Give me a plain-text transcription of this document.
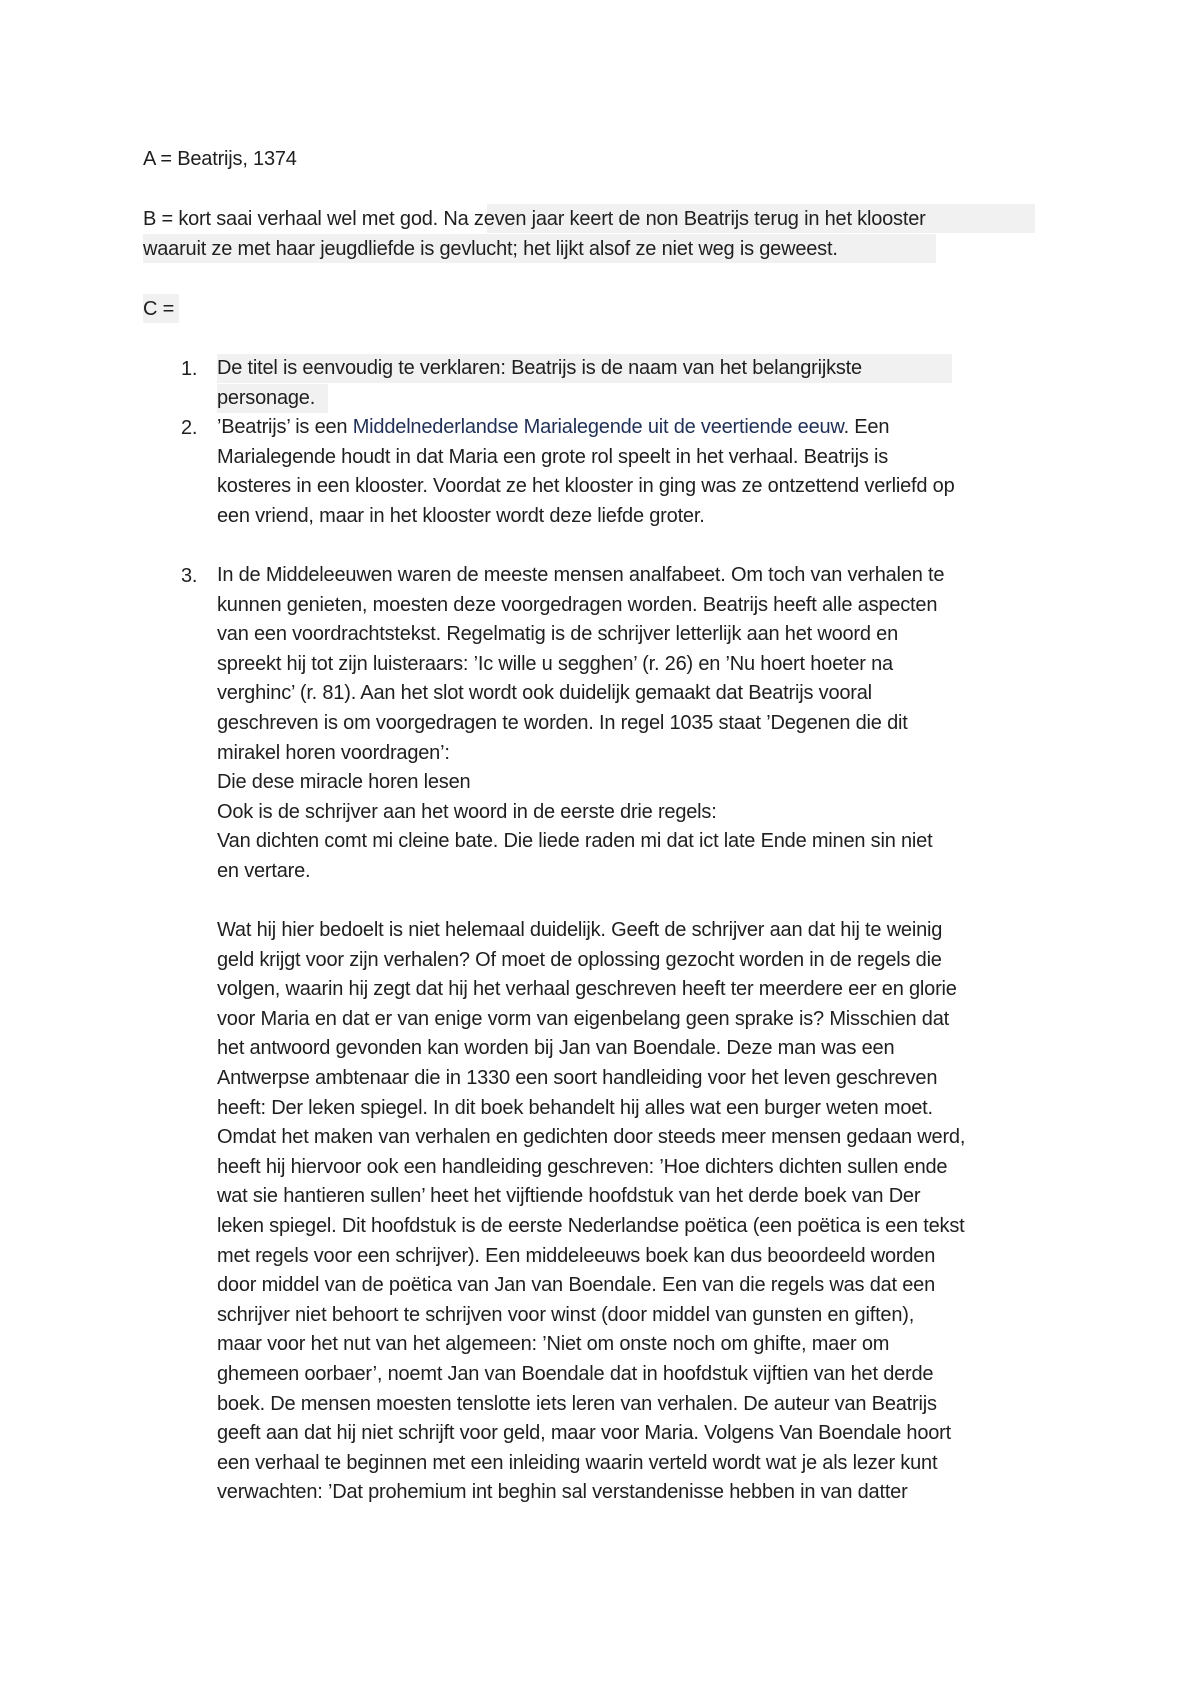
A = Beatrijs, 1374
B = kort saai verhaal wel met god. Na zeven jaar keert de non Beatrijs terug in het klooster
waaruit ze met haar jeugdliefde is gevlucht; het lijkt alsof ze niet weg is geweest.
C =
1. De titel is eenvoudig te verklaren: Beatrijs is de naam van het belangrijkste

personage.

2. ’Beatrijs’ is een Middelnederlandse Marialegende uit de veertiende eeuw. Een

Marialegende houdt in dat Maria een grote rol speelt in het verhaal. Beatrijs is

kosteres in een klooster. Voordat ze het klooster in ging was ze ontzettend verliefd op

een vriend, maar in het klooster wordt deze liefde groter.

3. In de Middeleeuwen waren de meeste mensen analfabeet. Om toch van verhalen te

kunnen genieten, moesten deze voorgedragen worden. Beatrijs heeft alle aspecten

van een voordrachtstekst. Regelmatig is de schrijver letterlijk aan het woord en

spreekt hij tot zijn luisteraars: ’Ic wille u segghen’ (r. 26) en ’Nu hoert hoeter na

verghinc’ (r. 81). Aan het slot wordt ook duidelijk gemaakt dat Beatrijs vooral

geschreven is om voorgedragen te worden. In regel 1035 staat ’Degenen die dit

mirakel horen voordragen’:

Die dese miracle horen lesen

Ook is de schrijver aan het woord in de eerste drie regels:

Van dichten comt mi cleine bate. Die liede raden mi dat ict late Ende minen sin niet

en vertare.

Wat hij hier bedoelt is niet helemaal duidelijk. Geeft de schrijver aan dat hij te weinig

geld krijgt voor zijn verhalen? Of moet de oplossing gezocht worden in de regels die

volgen, waarin hij zegt dat hij het verhaal geschreven heeft ter meerdere eer en glorie

voor Maria en dat er van enige vorm van eigenbelang geen sprake is? Misschien dat

het antwoord gevonden kan worden bij Jan van Boendale. Deze man was een

Antwerpse ambtenaar die in 1330 een soort handleiding voor het leven geschreven

heeft: Der leken spiegel. In dit boek behandelt hij alles wat een burger weten moet.

Omdat het maken van verhalen en gedichten door steeds meer mensen gedaan werd,

heeft hij hiervoor ook een handleiding geschreven: ’Hoe dichters dichten sullen ende

wat sie hantieren sullen’ heet het vijftiende hoofdstuk van het derde boek van Der

leken spiegel. Dit hoofdstuk is de eerste Nederlandse poëtica (een poëtica is een tekst

met regels voor een schrijver). Een middeleeuws boek kan dus beoordeeld worden

door middel van de poëtica van Jan van Boendale. Een van die regels was dat een

schrijver niet behoort te schrijven voor winst (door middel van gunsten en giften),

maar voor het nut van het algemeen: ’Niet om onste noch om ghifte, maer om

ghemeen oorbaer’, noemt Jan van Boendale dat in hoofdstuk vijftien van het derde

boek. De mensen moesten tenslotte iets leren van verhalen. De auteur van Beatrijs

geeft aan dat hij niet schrijft voor geld, maar voor Maria. Volgens Van Boendale hoort

een verhaal te beginnen met een inleiding waarin verteld wordt wat je als lezer kunt

verwachten: ’Dat prohemium int beghin sal verstandenisse hebben in van datter
